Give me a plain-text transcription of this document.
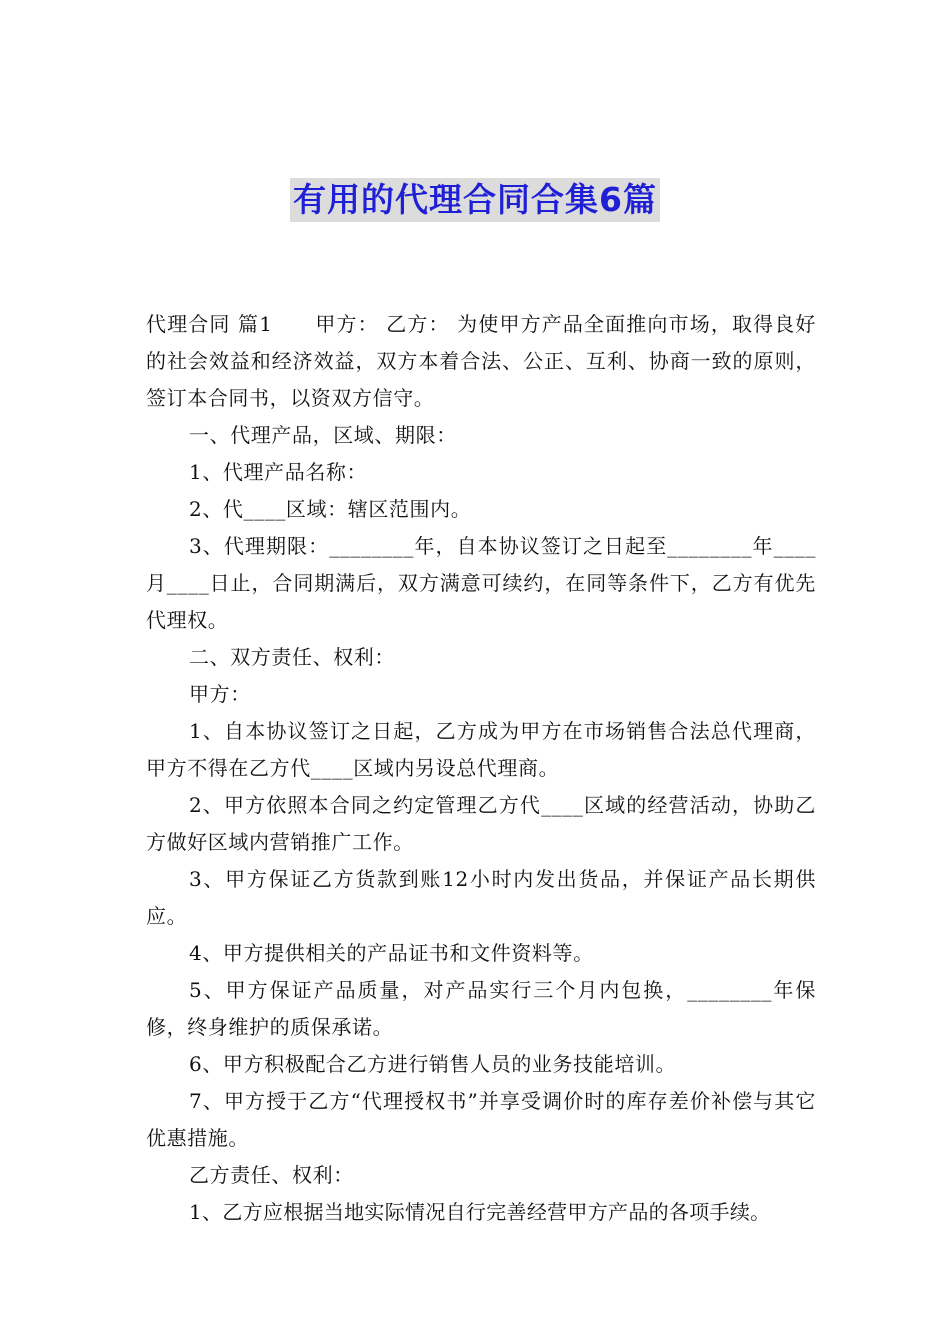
有用的代理合同合集6篇

代理合同 篇1　　甲方： 乙方： 为使甲方产品全面推向市场，取得良好的社会效益和经济效益，双方本着合法、公正、互利、协商一致的原则，签订本合同书，以资双方信守。

一、代理产品，区域、期限：

1、代理产品名称：

2、代____区域：辖区范围内。

3、代理期限：________年，自本协议签订之日起至________年____月____日止，合同期满后，双方满意可续约，在同等条件下，乙方有优先代理权。

二、双方责任、权利：

甲方：

1、自本协议签订之日起，乙方成为甲方在市场销售合法总代理商，甲方不得在乙方代____区域内另设总代理商。

2、甲方依照本合同之约定管理乙方代____区域的经营活动，协助乙方做好区域内营销推广工作。

3、甲方保证乙方货款到账12小时内发出货品，并保证产品长期供应。

4、甲方提供相关的产品证书和文件资料等。

5、甲方保证产品质量，对产品实行三个月内包换，________年保修，终身维护的质保承诺。

6、甲方积极配合乙方进行销售人员的业务技能培训。

7、甲方授于乙方“代理授权书”并享受调价时的库存差价补偿与其它优惠措施。

乙方责任、权利：

1、乙方应根据当地实际情况自行完善经营甲方产品的各项手续。
